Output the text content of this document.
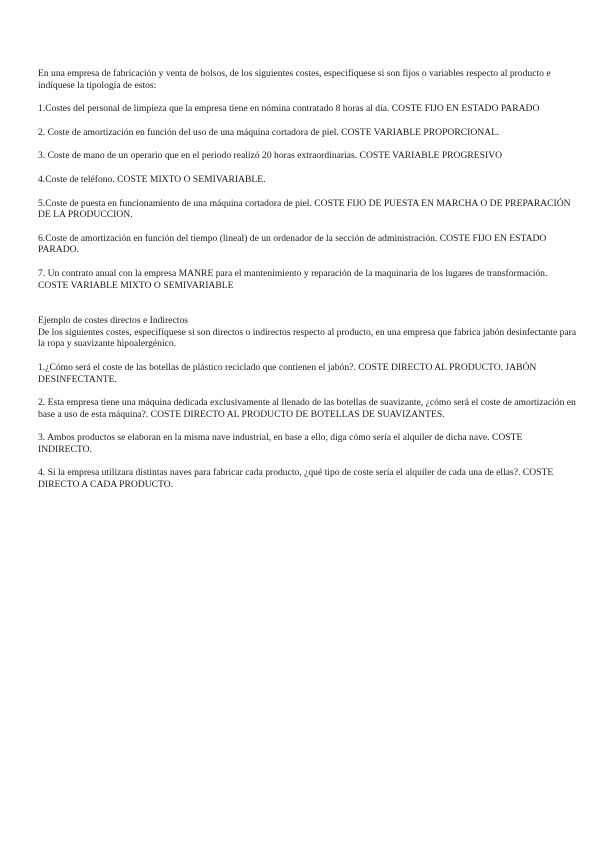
En una empresa de fabricación y venta de bolsos, de los siguientes costes, especifíquese si son fijos o variables respecto al producto e indíquese la tipología de estos:

1.Costes del personal de limpieza que la empresa tiene en nómina contratado 8 horas al día. COSTE FIJO EN ESTADO PARADO

2. Coste de amortización en función del uso de una máquina cortadora de piel. COSTE VARIABLE PROPORCIONAL.

3. Coste de mano de un operario que en el periodo realizó 20 horas extraordinarias. COSTE VARIABLE PROGRESIVO

4.Coste de teléfono. COSTE MIXTO O SEMIVARIABLE.

5.Coste de puesta en funcionamiento de una máquina cortadora de piel. COSTE FIJO DE PUESTA EN MARCHA O DE PREPARACIÓN DE LA PRODUCCION.

6.Coste de amortización en función del tiempo (lineal) de un ordenador de la sección de administración. COSTE FIJO EN ESTADO PARADO.

7. Un contrato anual con la empresa MANRE para el mantenimiento y reparación de la maquinaria de los lugares de transformación. COSTE VARIABLE MIXTO O SEMIVARIABLE

Ejemplo de costes directos e Indirectos

De los siguientes costes, especifíquese si son directos o indirectos respecto al producto, en una empresa que fabrica jabón desinfectante para la ropa y suavizante hipoalergénico.

1.¿Cómo será el coste de las botellas de plástico reciclado que contienen el jabón?. COSTE DIRECTO AL PRODUCTO. JABÓN DESINFECTANTE.

2. Esta empresa tiene una máquina dedicada exclusivamente al llenado de las botellas de suavizante, ¿cómo será el coste de amortización en base a uso de esta máquina?. COSTE DIRECTO AL PRODUCTO DE BOTELLAS DE SUAVIZANTES.

3. Ambos productos se elaboran en la misma nave industrial, en base a ello, diga cómo sería el alquiler de dicha nave. COSTE INDIRECTO.

4. Si la empresa utilizara distintas naves para fabricar cada producto, ¿qué tipo de coste sería el alquiler de cada una de ellas?. COSTE DIRECTO A CADA PRODUCTO.
